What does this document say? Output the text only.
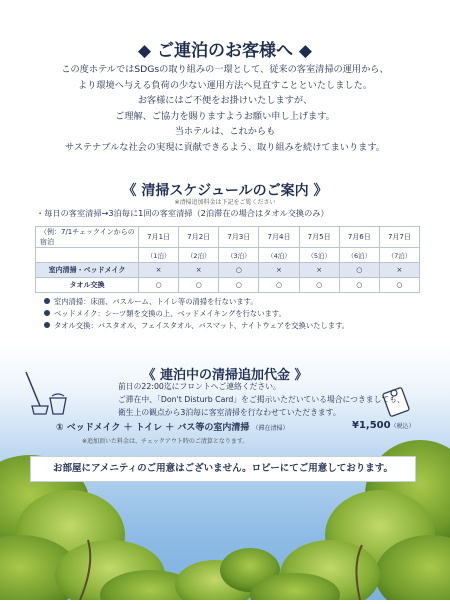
◆ ご連泊のお客様へ ◆
この度ホテルではSDGsの取り組みの一環として、従来の客室清掃の運用から、
より環境へ与える負荷の少ない運用方法へ見直すことといたしました。
お客様にはご不便をお掛けいたしますが、
ご理解、ご協力を賜りますようお願い申し上げます。
当ホテルは、これからも
サステナブルな社会の実現に貢献できるよう、取り組みを続けてまいります。
《 清掃スケジュールのご案内 》
※清掃追加料金は下記をご覧ください
・毎日の客室清掃→3泊毎に1回の客室清掃（2泊滞在の場合はタオル交換のみ）
（例：7/1チェックインからの宿泊	7月1日	7月2日	7月3日	7月4日	7月5日	7月6日	7月7日
	（1泊）	（2泊）	（3泊）	（4泊）	（5泊）	（6泊）	（7泊）
室内清掃・ベッドメイク	×	×	○	×	×	○	×
タオル交換	○	○	○	○	○	○	○
室内清掃：床面、バスルーム、トイレ等の清掃を行ないます。
ベッドメイク：シーツ類を交換の上、ベッドメイキングを行ないます。
タオル交換：バスタオル、フェイスタオル、バスマット、ナイトウェアを交換いたします。
《 連泊中の清掃追加代金 》
前日の22:00迄にフロントへご連絡ください。
ご滞在中、「Don't Disturb Card」をご掲示いただいている場合につきましても、
衛生上の観点から3泊毎に客室清掃を行なわせていただきます。
① ベッドメイク ＋ トイレ ＋ バス等の室内清掃 （滞在清掃）	¥1,500（税込）
※追加頂いた料金は、チェックアウト時のご清算となります。
お部屋にアメニティのご用意はございません。ロビーにてご用意しております。
